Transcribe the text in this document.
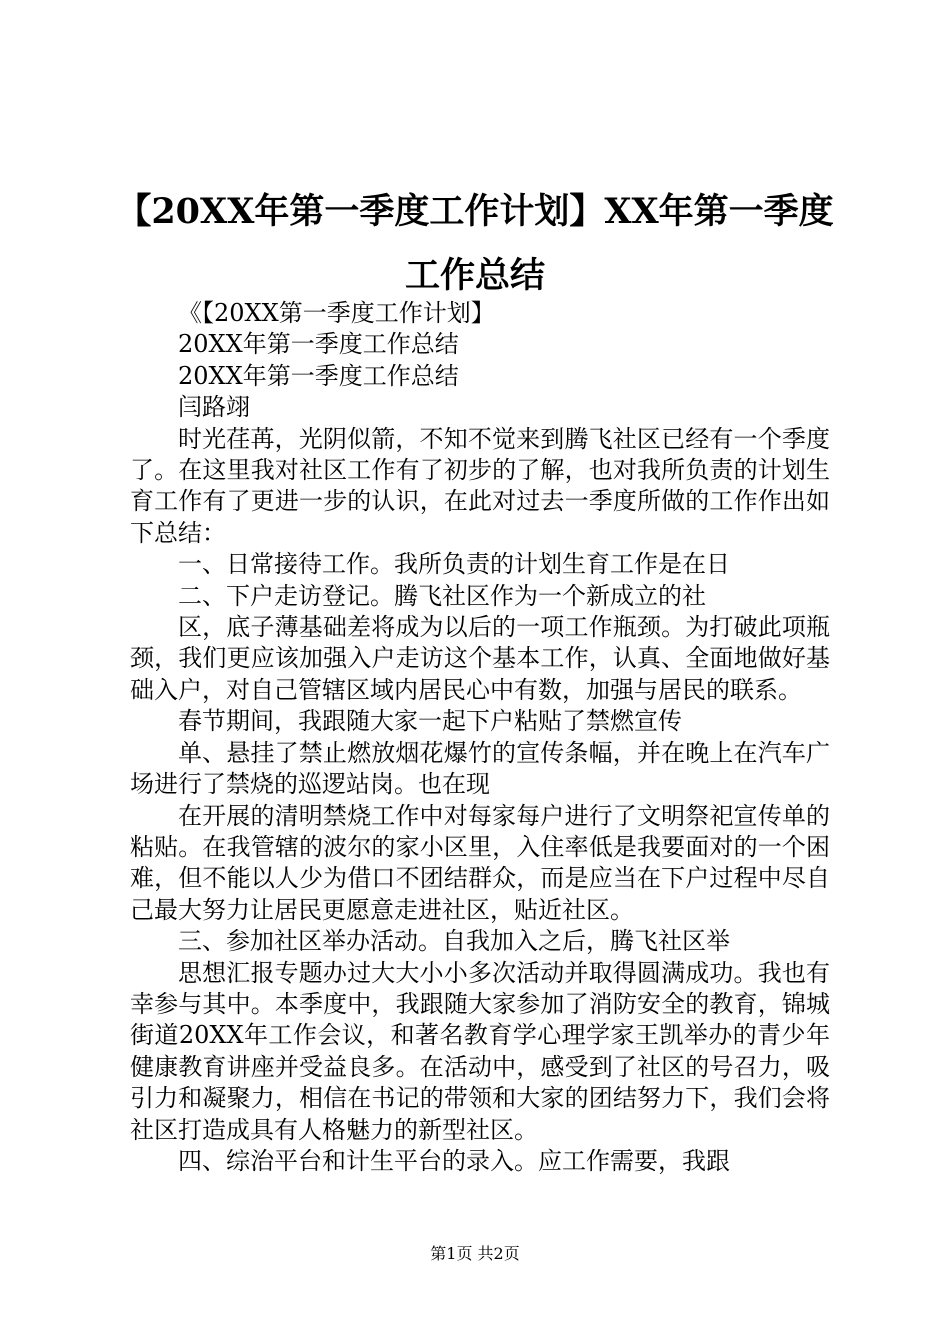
【20XX年第一季度工作计划】XX年第一季度工作总结

《【20XX第一季度工作计划】

20XX年第一季度工作总结

20XX年第一季度工作总结

闫路翊

时光荏苒，光阴似箭，不知不觉来到腾飞社区已经有一个季度了。在这里我对社区工作有了初步的了解，也对我所负责的计划生育工作有了更进一步的认识，在此对过去一季度所做的工作作出如下总结：

一、日常接待工作。我所负责的计划生育工作是在日

二、下户走访登记。腾飞社区作为一个新成立的社

区，底子薄基础差将成为以后的一项工作瓶颈。为打破此项瓶颈，我们更应该加强入户走访这个基本工作，认真、全面地做好基础入户，对自己管辖区域内居民心中有数，加强与居民的联系。

春节期间，我跟随大家一起下户粘贴了禁燃宣传

单、悬挂了禁止燃放烟花爆竹的宣传条幅，并在晚上在汽车广场进行了禁烧的巡逻站岗。也在现

在开展的清明禁烧工作中对每家每户进行了文明祭祀宣传单的粘贴。在我管辖的波尔的家小区里，入住率低是我要面对的一个困难，但不能以人少为借口不团结群众，而是应当在下户过程中尽自己最大努力让居民更愿意走进社区，贴近社区。

三、参加社区举办活动。自我加入之后，腾飞社区举

思想汇报专题办过大大小小多次活动并取得圆满成功。我也有幸参与其中。本季度中，我跟随大家参加了消防安全的教育，锦城街道20XX年工作会议，和著名教育学心理学家王凯举办的青少年健康教育讲座并受益良多。在活动中，感受到了社区的号召力，吸引力和凝聚力，相信在书记的带领和大家的团结努力下，我们会将社区打造成具有人格魅力的新型社区。

四、综治平台和计生平台的录入。应工作需要，我跟

第1页 共2页
